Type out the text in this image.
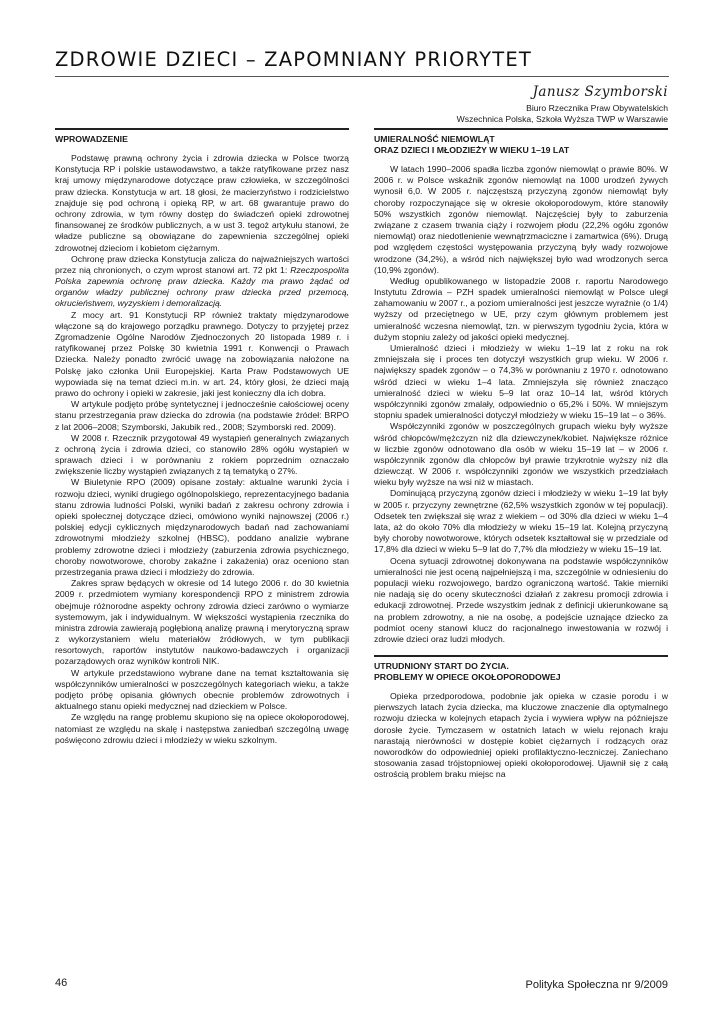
ZDROWIE DZIECI – ZAPOMNIANY PRIORYTET
Janusz Szymborski
Biuro Rzecznika Praw Obywatelskich
Wszechnica Polska, Szkoła Wyższa TWP w Warszawie
WPROWADZENIE

Podstawę prawną ochrony życia i zdrowia dziecka w Polsce tworzą Konstytucja RP i polskie ustawodawstwo, a także ratyfikowane przez nasz kraj umowy międzynarodowe dotyczące praw człowieka, w szczególności praw dziecka. Konstytucja w art. 18 głosi, że macierzyństwo i rodzicielstwo znajduje się pod ochroną i opieką RP, w art. 68 gwarantuje prawo do ochrony zdrowia, w tym równy dostęp do świadczeń opieki zdrowotnej finansowanej ze środków publicznych, a w ust 3. tegoż artykułu stanowi, że władze publiczne są obowiązane do zapewnienia szczególnej opieki zdrowotnej dzieciom i kobietom ciężarnym.

Ochronę praw dziecka Konstytucja zalicza do najważniejszych wartości przez nią chronionych, o czym wprost stanowi art. 72 pkt 1: Rzeczpospolita Polska zapewnia ochronę praw dziecka. Każdy ma prawo żądać od organów władzy publicznej ochrony praw dziecka przed przemocą, okrucieństwem, wyzyskiem i demoralizacją.

Z mocy art. 91 Konstytucji RP również traktaty międzynarodowe włączone są do krajowego porządku prawnego. Dotyczy to przyjętej przez Zgromadzenie Ogólne Narodów Zjednoczonych 20 listopada 1989 r. i ratyfikowanej przez Polskę 30 kwietnia 1991 r. Konwencji o Prawach Dziecka. Należy ponadto zwrócić uwagę na zobowiązania nałożone na Polskę jako członka Unii Europejskiej. Karta Praw Podstawowych UE wypowiada się na temat dzieci m.in. w art. 24, który głosi, że dzieci mają prawo do ochrony i opieki w zakresie, jaki jest konieczny dla ich dobra.

W artykule podjęto próbę syntetycznej i jednocześnie całościowej oceny stanu przestrzegania praw dziecka do zdrowia (na podstawie źródeł: BRPO z lat 2006–2008; Szymborski, Jakubik red., 2008; Szymborski red. 2009).

W 2008 r. Rzecznik przygotował 49 wystąpień generalnych związanych z ochroną życia i zdrowia dzieci, co stanowiło 28% ogółu wystąpień w sprawach dzieci i w porównaniu z rokiem poprzednim oznaczało zwiększenie liczby wystąpień związanych z tą tematyką o 27%.

W Biuletynie RPO (2009) opisane zostały: aktualne warunki życia i rozwoju dzieci, wyniki drugiego ogólnopolskiego, reprezentacyjnego badania stanu zdrowia ludności Polski, wyniki badań z zakresu ochrony zdrowia i opieki społecznej dotyczące dzieci, omówiono wyniki najnowszej (2006 r.) polskiej edycji cyklicznych międzynarodowych badań nad zachowaniami zdrowotnymi młodzieży szkolnej (HBSC), poddano analizie wybrane problemy zdrowotne dzieci i młodzieży (zaburzenia zdrowia psychicznego, choroby nowotworowe, choroby zakaźne i zakażenia) oraz oceniono stan przestrzegania prawa dzieci i młodzieży do zdrowia.

Zakres spraw będących w okresie od 14 lutego 2006 r. do 30 kwietnia 2009 r. przedmiotem wymiany korespondencji RPO z ministrem zdrowia obejmuje różnorodne aspekty ochrony zdrowia dzieci zarówno o wymiarze systemowym, jak i indywidualnym. W większości wystąpienia rzecznika do ministra zdrowia zawierają pogłębioną analizę prawną i merytoryczną spraw z wykorzystaniem wielu materiałów źródłowych, w tym publikacji resortowych, raportów instytutów naukowo-badawczych i organizacji pozarządowych oraz wyników kontroli NIK.

W artykule przedstawiono wybrane dane na temat kształtowania się współczynników umieralności w poszczególnych kategoriach wieku, a także podjęto próbę opisania głównych obecnie problemów zdrowotnych i aktualnego stanu opieki medycznej nad dzieckiem w Polsce.

Ze względu na rangę problemu skupiono się na opiece okołoporodowej, natomiast ze względu na skalę i następstwa zaniedbań szczególną uwagę poświęcono zdrowiu dzieci i młodzieży w wieku szkolnym.

UMIERALNOŚĆ NIEMOWLĄT
ORAZ DZIECI I MŁODZIEŻY W WIEKU 1–19 LAT

W latach 1990–2006 spadła liczba zgonów niemowląt o prawie 80%. W 2006 r. w Polsce wskaźnik zgonów niemowląt na 1000 urodzeń żywych wynosił 6,0. W 2005 r. najczęstszą przyczyną zgonów niemowląt były choroby rozpoczynające się w okresie okołoporodowym, które stanowiły 50% wszystkich zgonów niemowląt. Najczęściej były to zaburzenia związane z czasem trwania ciąży i rozwojem płodu (22,2% ogółu zgonów niemowląt) oraz niedotlenienie wewnątrzmaciczne i zamartwica (6%). Drugą pod względem częstości występowania przyczyną były wady rozwojowe wrodzone (34,2%), a wśród nich największej było wad wrodzonych serca (10,9% zgonów).

Według opublikowanego w listopadzie 2008 r. raportu Narodowego Instytutu Zdrowia – PZH spadek umieralności niemowląt w Polsce uległ zahamowaniu w 2007 r., a poziom umieralności jest jeszcze wyraźnie (o 1/4) wyższy od przeciętnego w UE, przy czym głównym problemem jest umieralność wczesna niemowląt, tzn. w pierwszym tygodniu życia, która w dużym stopniu zależy od jakości opieki medycznej.

Umieralność dzieci i młodzieży w wieku 1–19 lat z roku na rok zmniejszała się i proces ten dotyczył wszystkich grup wieku. W 2006 r. największy spadek zgonów – o 74,3% w porównaniu z 1970 r. odnotowano wśród dzieci w wieku 1–4 lata. Zmniejszyła się również znacząco umieralność dzieci w wieku 5–9 lat oraz 10–14 lat, wśród których współczynniki zgonów zmalały, odpowiednio o 65,2% i 50%. W mniejszym stopniu spadek umieralności dotyczył młodzieży w wieku 15–19 lat – o 36%.

Współczynniki zgonów w poszczególnych grupach wieku były wyższe wśród chłopców/mężczyzn niż dla dziewczynek/kobiet. Największe różnice w liczbie zgonów odnotowano dla osób w wieku 15–19 lat – w 2006 r. współczynnik zgonów dla chłopców był prawie trzykrotnie wyższy niż dla dziewcząt. W 2006 r. współczynniki zgonów we wszystkich przedziałach wieku były wyższe na wsi niż w miastach.

Dominującą przyczyną zgonów dzieci i młodzieży w wieku 1–19 lat były w 2005 r. przyczyny zewnętrzne (62,5% wszystkich zgonów w tej populacji). Odsetek ten zwiększał się wraz z wiekiem – od 30% dla dzieci w wieku 1–4 lata, aż do około 70% dla młodzieży w wieku 15–19 lat. Kolejną przyczyną były choroby nowotworowe, których odsetek kształtował się w przedziale od 17,8% dla dzieci w wieku 5–9 lat do 7,7% dla młodzieży w wieku 15–19 lat.

Ocena sytuacji zdrowotnej dokonywana na podstawie współczynników umieralności nie jest oceną najpełniejszą i ma, szczególnie w odniesieniu do populacji wieku rozwojowego, bardzo ograniczoną wartość. Takie mierniki nie nadają się do oceny skuteczności działań z zakresu promocji zdrowia i edukacji zdrowotnej. Przede wszystkim jednak z definicji ukierunkowane są na problem zdrowotny, a nie na osobę, a podejście uznające dziecko za podmiot oceny stanowi klucz do racjonalnego inwestowania w rozwój i zdrowie dzieci oraz ludzi młodych.

UTRUDNIONY START DO ŻYCIA.
PROBLEMY W OPIECE OKOŁOPORODOWEJ

Opieka przedporodowa, podobnie jak opieka w czasie porodu i w pierwszych latach życia dziecka, ma kluczowe znaczenie dla optymalnego rozwoju dziecka w kolejnych etapach życia i wywiera wpływ na późniejsze dorosłe życie. Tymczasem w ostatnich latach w wielu rejonach kraju narastają nierówności w dostępie kobiet ciężarnych i rodzących oraz noworodków do odpowiedniej opieki profilaktyczno-leczniczej. Zaniechano stosowania zasad trójstopniowej opieki okołoporodowej. Ujawnił się z całą ostrością problem braku miejsc na

46	Polityka Społeczna nr 9/2009
